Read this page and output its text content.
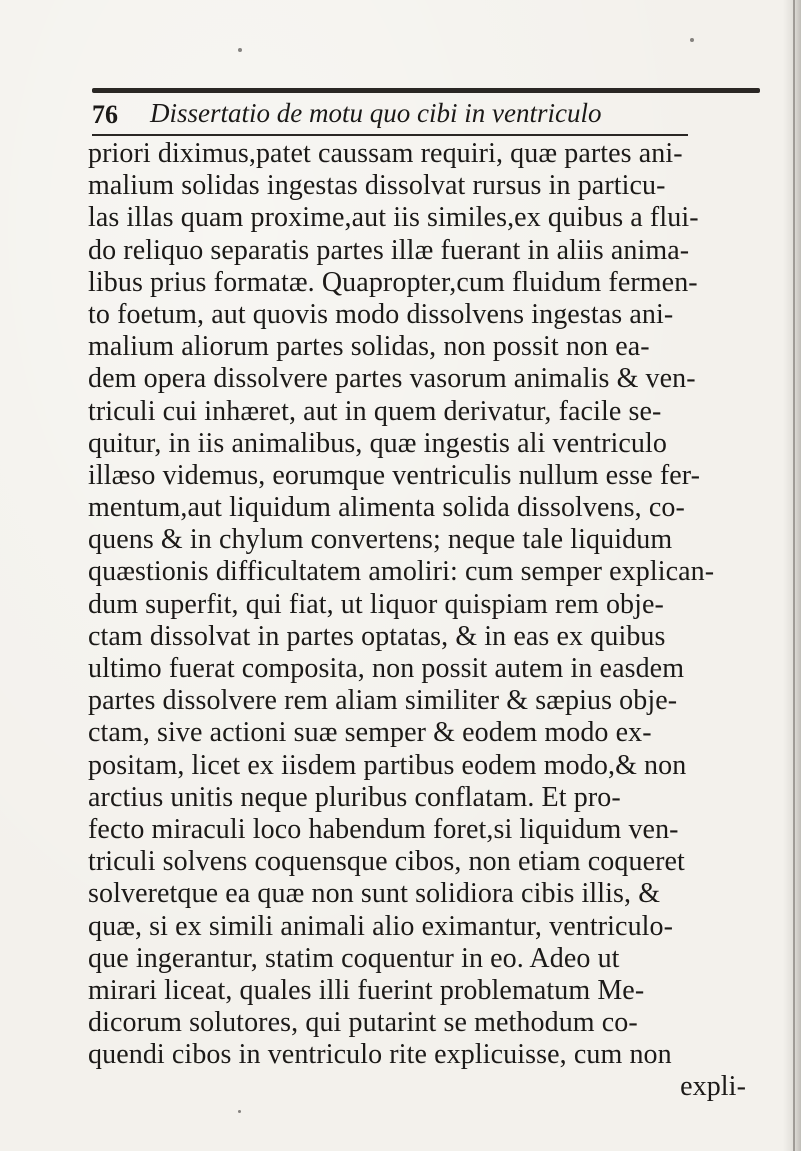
76 Dissertatio de motu quo cibi in ventriculo
priori diximus,patet caussam requiri, quæ partes ani-
malium solidas ingestas dissolvat rursus in particu-
las illas quam proxime,aut iis similes,ex quibus a flui-
do reliquo separatis partes illæ fuerant in aliis anima-
libus prius formatæ. Quapropter,cum fluidum fermen-
to foetum, aut quovis modo dissolvens ingestas ani-
malium aliorum partes solidas, non possit non ea-
dem opera dissolvere partes vasorum animalis & ven-
triculi cui inhæret, aut in quem derivatur, facile se-
quitur, in iis animalibus, quæ ingestis ali ventriculo
illæso videmus, eorumque ventriculis nullum esse fer-
mentum,aut liquidum alimenta solida dissolvens, co-
quens & in chylum convertens; neque tale liquidum
quæstionis difficultatem amoliri: cum semper explican-
dum superfit, qui fiat, ut liquor quispiam rem obje-
ctam dissolvat in partes optatas, & in eas ex quibus
ultimo fuerat composita, non possit autem in easdem
partes dissolvere rem aliam similiter & sæpius obje-
ctam, sive actioni suæ semper & eodem modo ex-
positam, licet ex iisdem partibus eodem modo,& non
arctius unitis neque pluribus conflatam. Et pro-
fecto miraculi loco habendum foret,si liquidum ven-
triculi solvens coquensque cibos, non etiam coqueret
solveretque ea quæ non sunt solidiora cibis illis, &
quæ, si ex simili animali alio eximantur, ventriculo-
que ingerantur, statim coquentur in eo. Adeo ut
mirari liceat, quales illi fuerint problematum Me-
dicorum solutores, qui putarint se methodum co-
quendi cibos in ventriculo rite explicuisse, cum non
expli-
